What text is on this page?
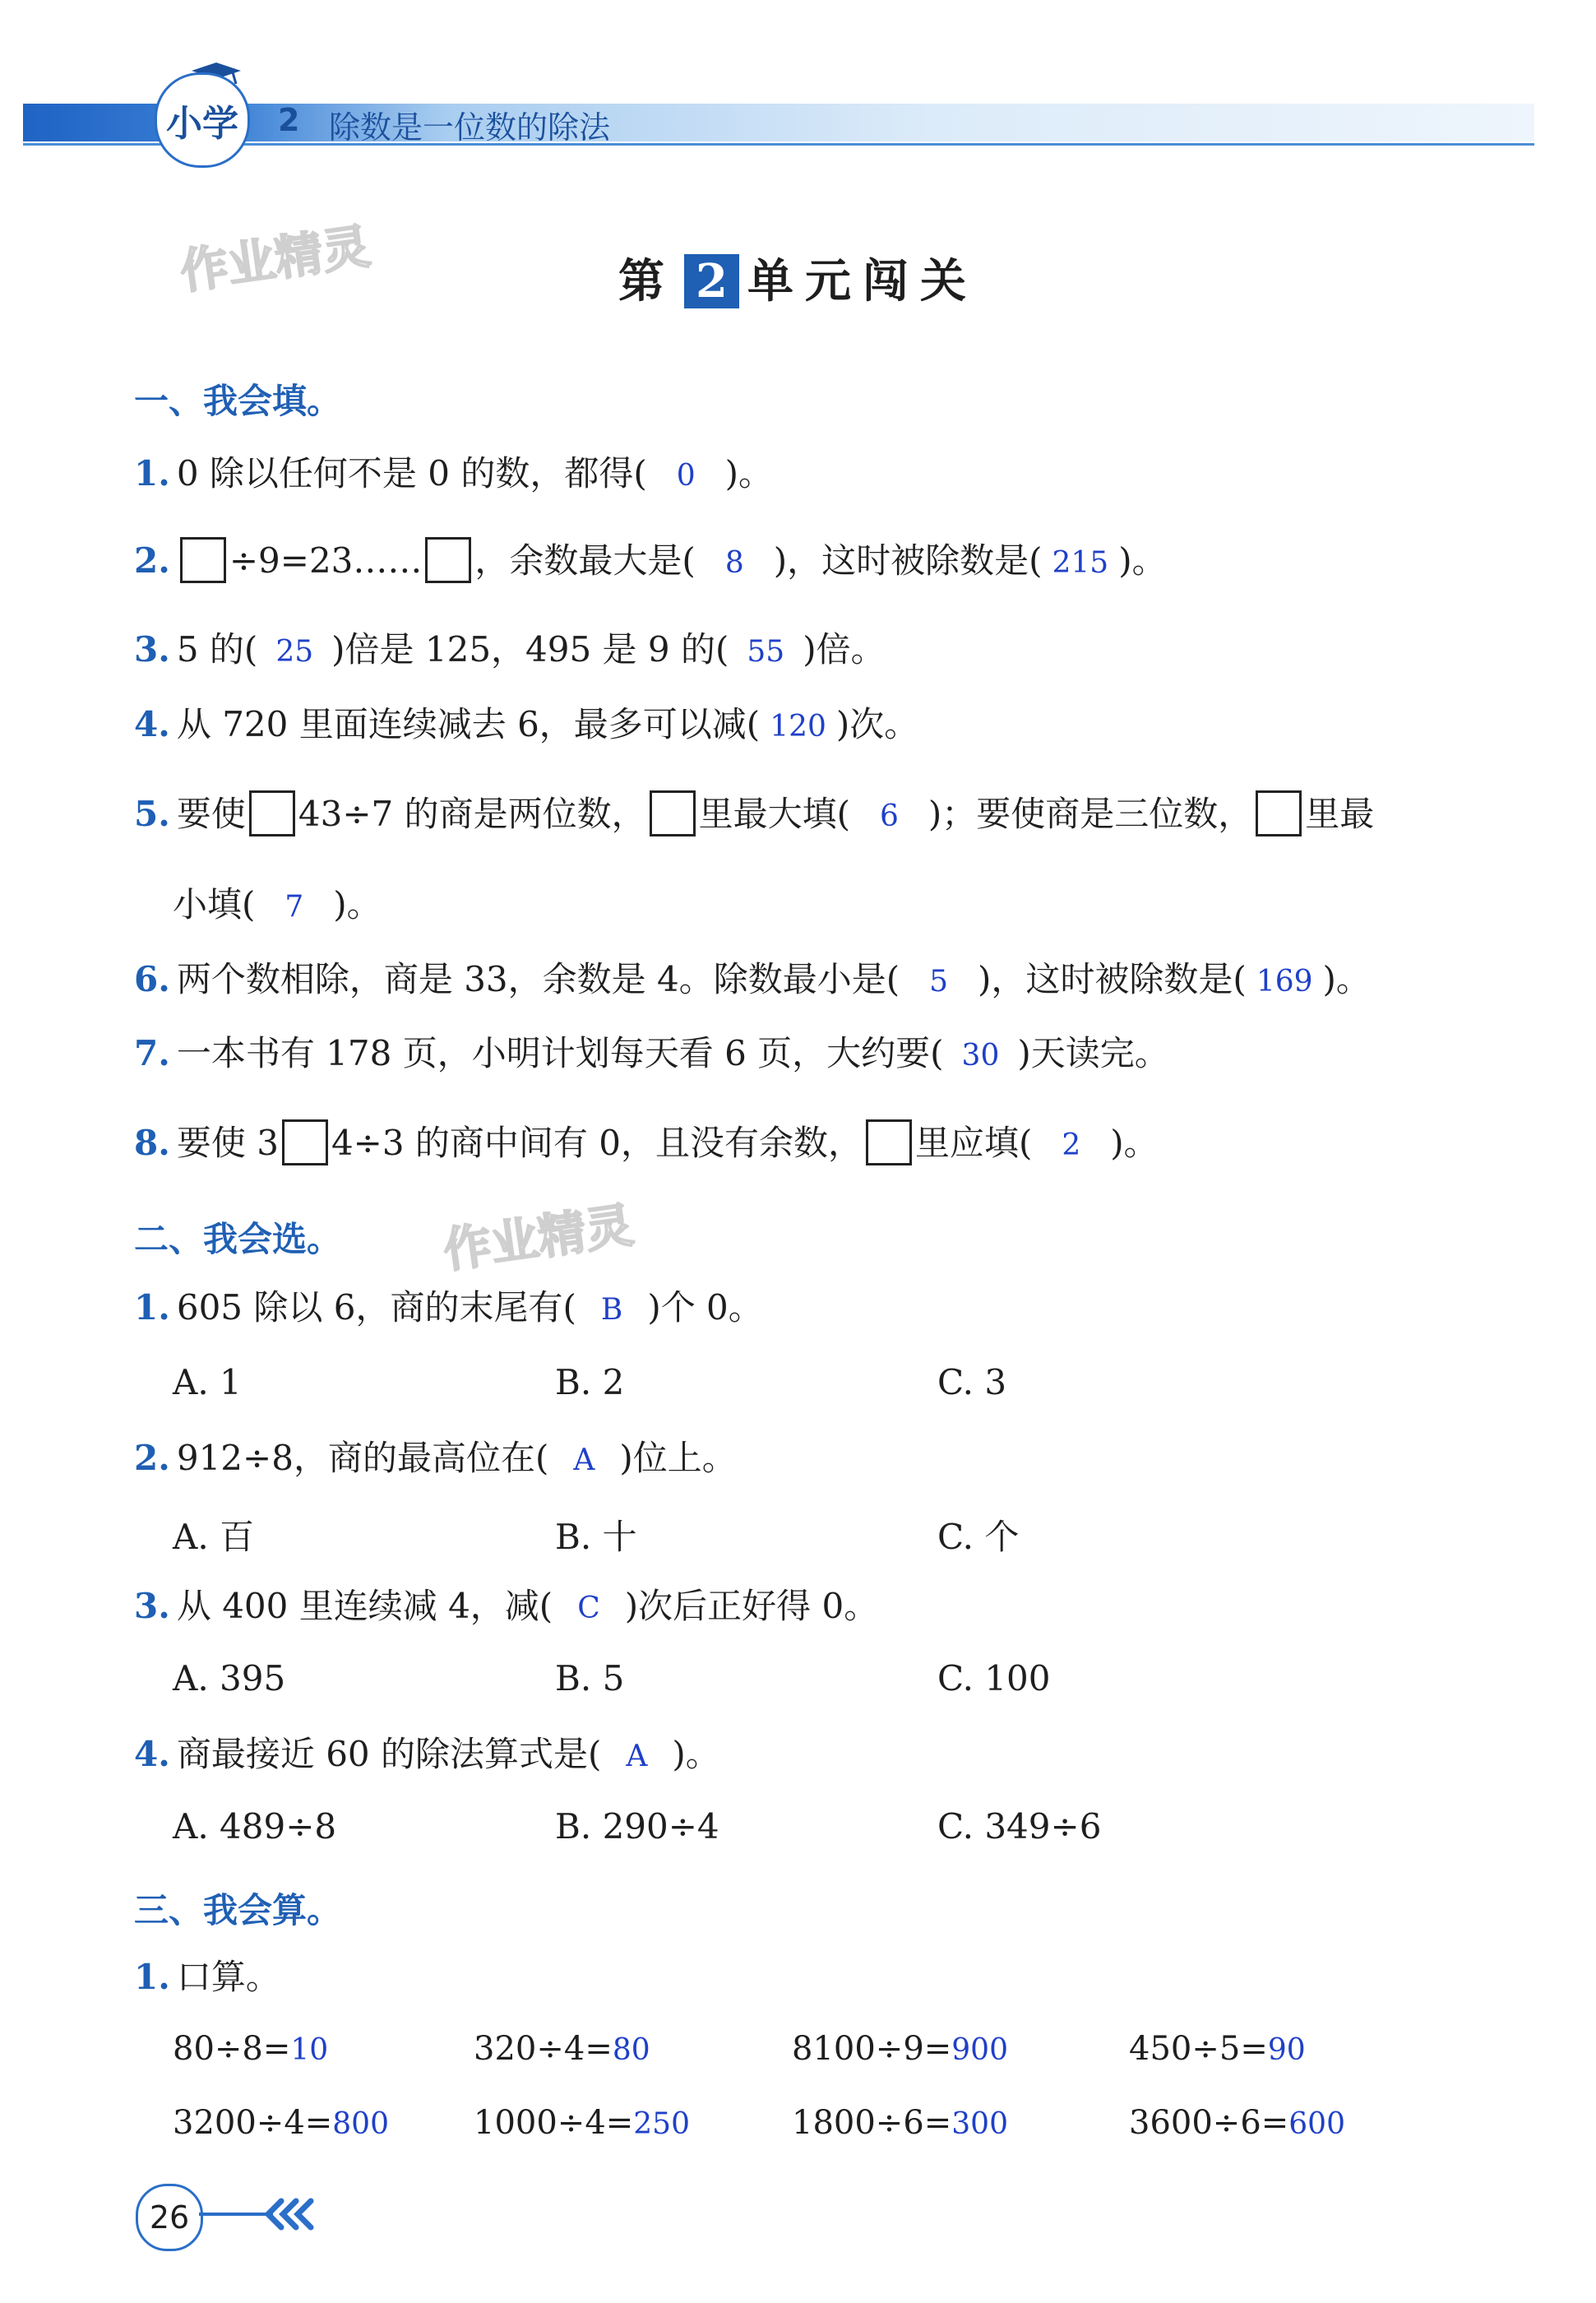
小学 2 除数是一位数的除法
作业精灵
作业精灵
第 2 单元闯关
一、我会填。
1. 0 除以任何不是 0 的数，都得( 0 )。
2. ÷9=23…… ，余数最大是( 8 )，这时被除数是( 215 )。
3. 5 的( 25 )倍是 125，495 是 9 的( 55 )倍。
4. 从 720 里面连续减去 6，最多可以减( 120 )次。
5. 要使 43÷7 的商是两位数， 里最大填( 6 )；要使商是三位数， 里最
小填( 7 )。
6. 两个数相除，商是 33，余数是 4。除数最小是( 5 )，这时被除数是( 169 )。
7. 一本书有 178 页，小明计划每天看 6 页，大约要( 30 )天读完。
8. 要使 3 4÷3 的商中间有 0，且没有余数， 里应填( 2 )。
二、我会选。
1. 605 除以 6，商的末尾有( B )个 0。
A. 1	B. 2	C. 3
2. 912÷8，商的最高位在( A )位上。
A. 百	B. 十	C. 个
3. 从 400 里连续减 4，减( C )次后正好得 0。
A. 395	B. 5	C. 100
4. 商最接近 60 的除法算式是( A )。
A. 489÷8	B. 290÷4	C. 349÷6
三、我会算。
1. 口算。
80÷8=10	320÷4=80	8100÷9=900	450÷5=90
3200÷4=800	1000÷4=250	1800÷6=300	3600÷6=600
26
